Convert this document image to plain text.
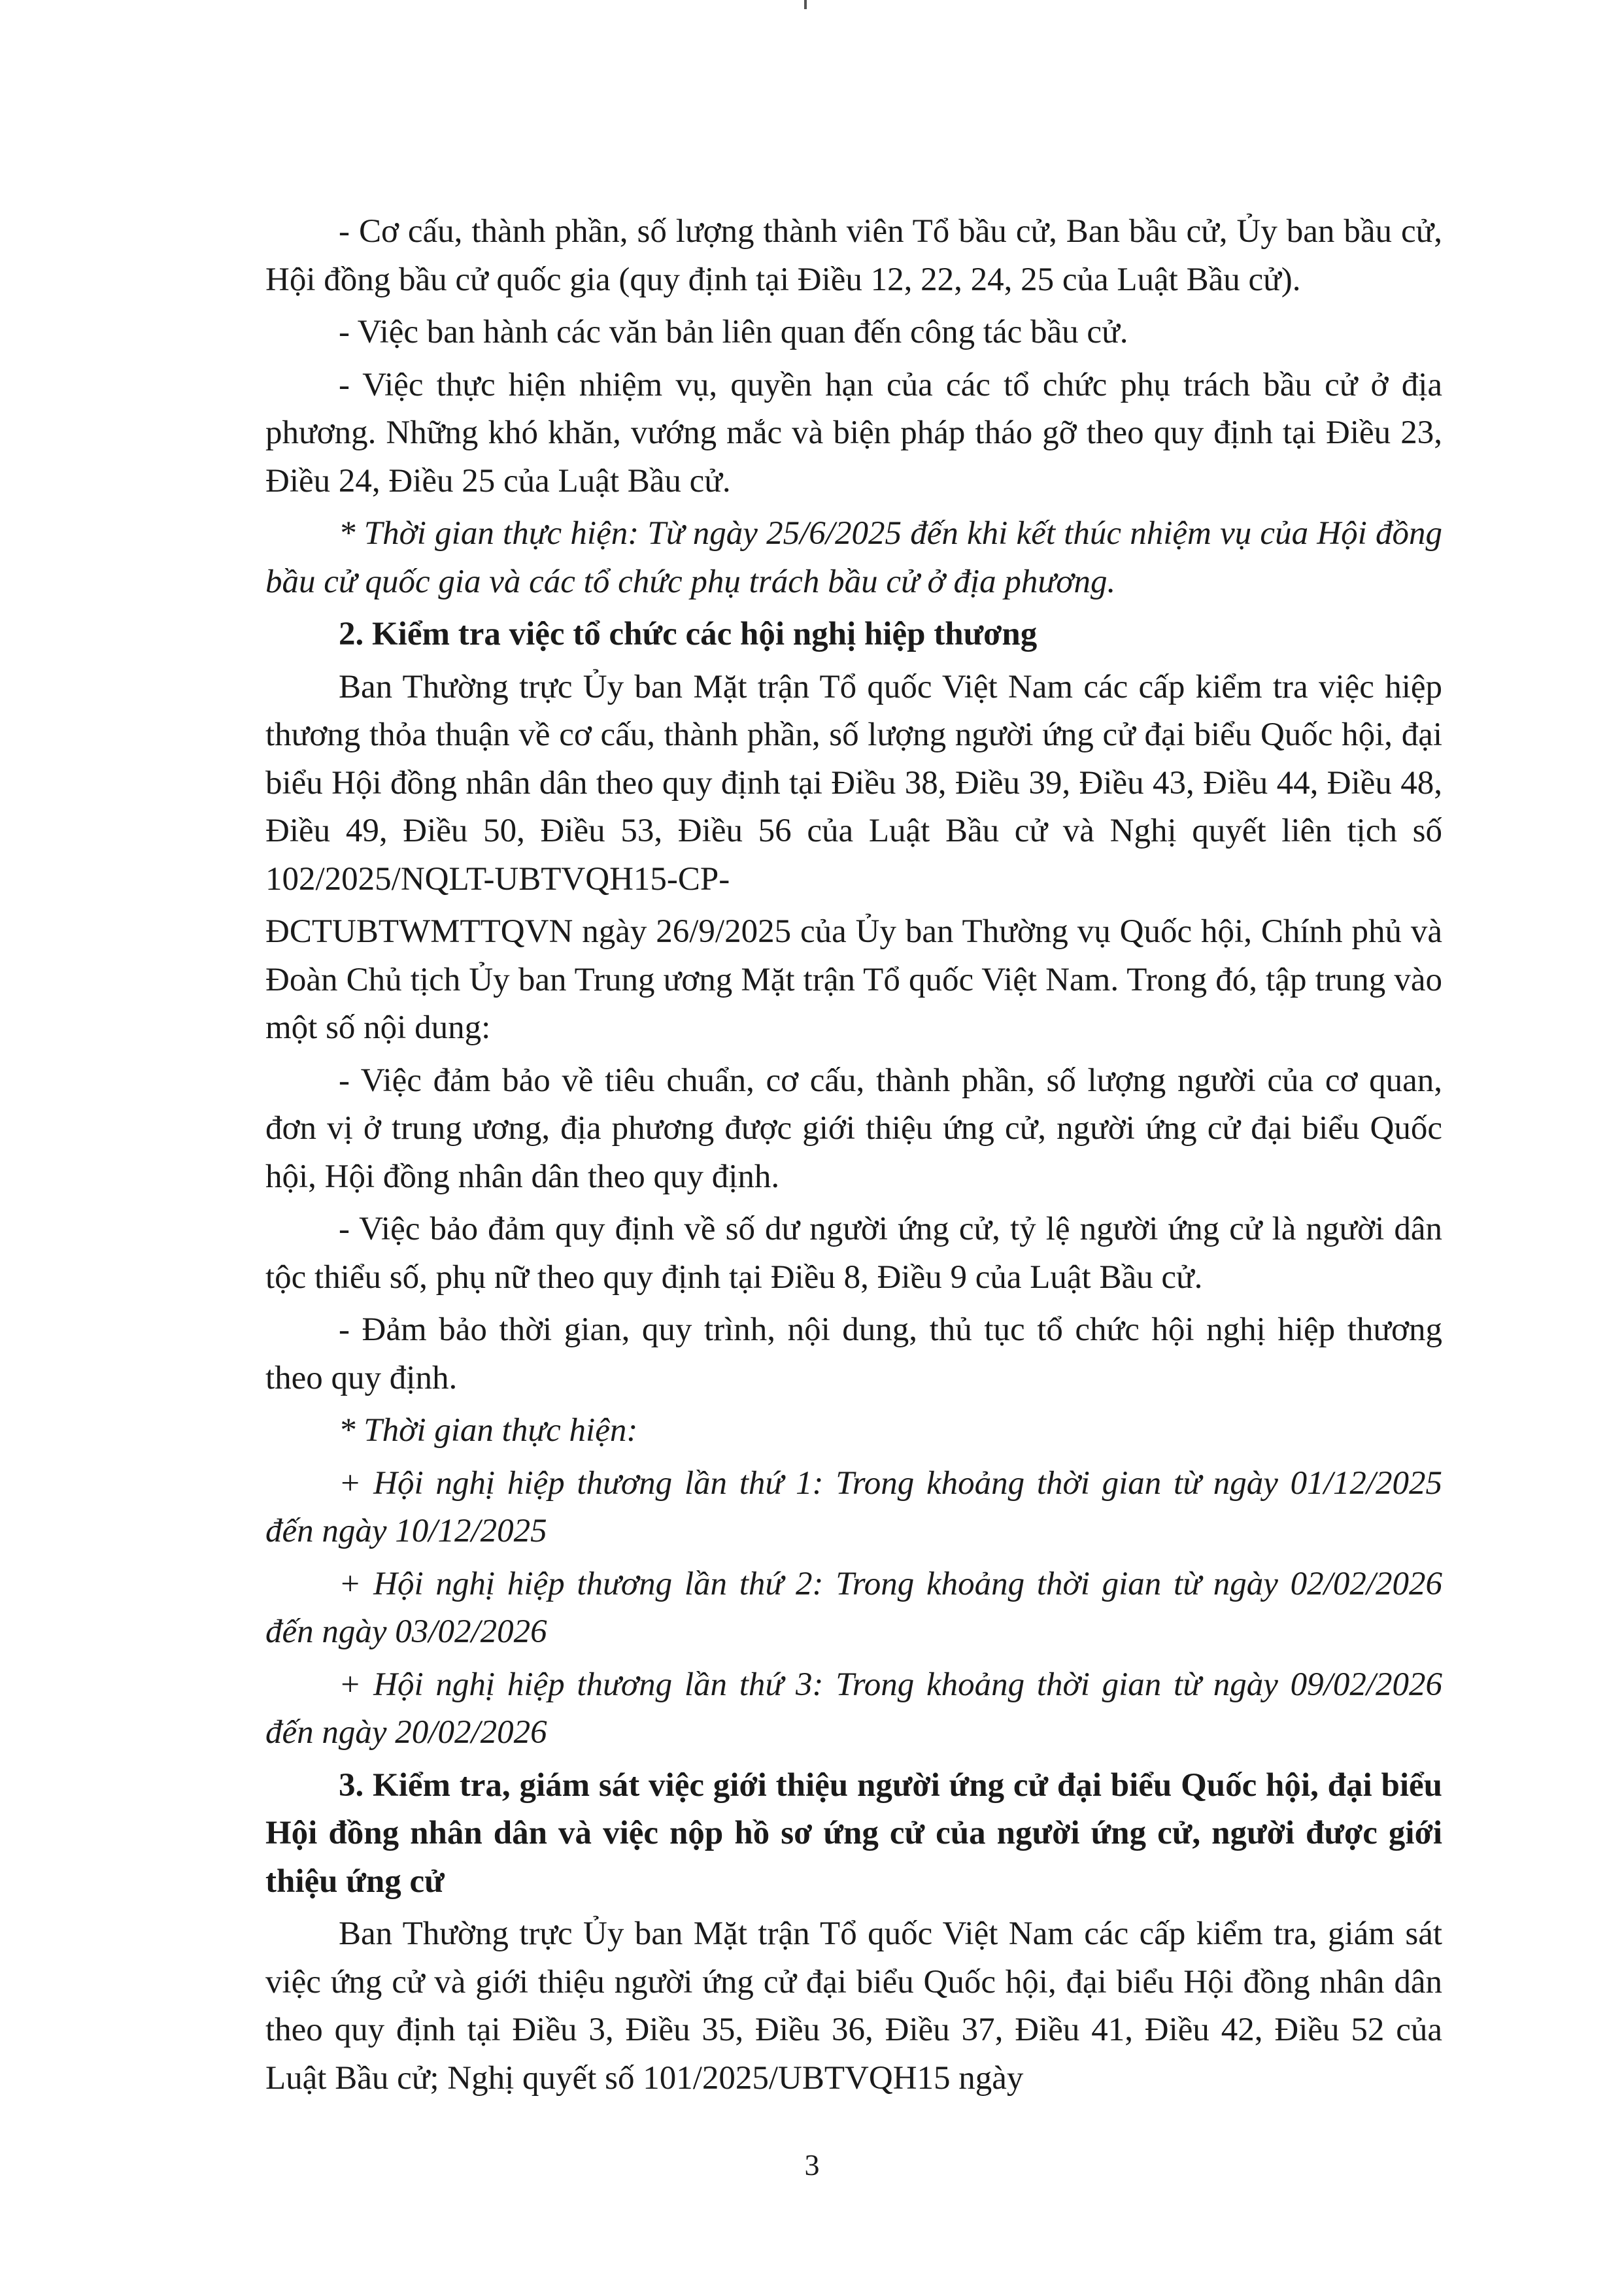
- Cơ cấu, thành phần, số lượng thành viên Tổ bầu cử, Ban bầu cử, Ủy ban bầu cử, Hội đồng bầu cử quốc gia (quy định tại Điều 12, 22, 24, 25 của Luật Bầu cử).

- Việc ban hành các văn bản liên quan đến công tác bầu cử.

- Việc thực hiện nhiệm vụ, quyền hạn của các tổ chức phụ trách bầu cử ở địa phương. Những khó khăn, vướng mắc và biện pháp tháo gỡ theo quy định tại Điều 23, Điều 24, Điều 25 của Luật Bầu cử.

* Thời gian thực hiện: Từ ngày 25/6/2025 đến khi kết thúc nhiệm vụ của Hội đồng bầu cử quốc gia và các tổ chức phụ trách bầu cử ở địa phương.

2. Kiểm tra việc tổ chức các hội nghị hiệp thương

Ban Thường trực Ủy ban Mặt trận Tổ quốc Việt Nam các cấp kiểm tra việc hiệp thương thỏa thuận về cơ cấu, thành phần, số lượng người ứng cử đại biểu Quốc hội, đại biểu Hội đồng nhân dân theo quy định tại Điều 38, Điều 39, Điều 43, Điều 44, Điều 48, Điều 49, Điều 50, Điều 53, Điều 56 của Luật Bầu cử và Nghị quyết liên tịch số 102/2025/NQLT-UBTVQH15-CP-

ĐCTUBTWMTTQVN ngày 26/9/2025 của Ủy ban Thường vụ Quốc hội, Chính phủ và Đoàn Chủ tịch Ủy ban Trung ương Mặt trận Tổ quốc Việt Nam. Trong đó, tập trung vào một số nội dung:

- Việc đảm bảo về tiêu chuẩn, cơ cấu, thành phần, số lượng người của cơ quan, đơn vị ở trung ương, địa phương được giới thiệu ứng cử, người ứng cử đại biểu Quốc hội, Hội đồng nhân dân theo quy định.

- Việc bảo đảm quy định về số dư người ứng cử, tỷ lệ người ứng cử là người dân tộc thiểu số, phụ nữ theo quy định tại Điều 8, Điều 9 của Luật Bầu cử.

- Đảm bảo thời gian, quy trình, nội dung, thủ tục tổ chức hội nghị hiệp thương theo quy định.

* Thời gian thực hiện:

+ Hội nghị hiệp thương lần thứ 1: Trong khoảng thời gian từ ngày 01/12/2025 đến ngày 10/12/2025

+ Hội nghị hiệp thương lần thứ 2: Trong khoảng thời gian từ ngày 02/02/2026 đến ngày 03/02/2026

+ Hội nghị hiệp thương lần thứ 3: Trong khoảng thời gian từ ngày 09/02/2026 đến ngày 20/02/2026

3. Kiểm tra, giám sát việc giới thiệu người ứng cử đại biểu Quốc hội, đại biểu Hội đồng nhân dân và việc nộp hồ sơ ứng cử của người ứng cử, người được giới thiệu ứng cử

Ban Thường trực Ủy ban Mặt trận Tổ quốc Việt Nam các cấp kiểm tra, giám sát việc ứng cử và giới thiệu người ứng cử đại biểu Quốc hội, đại biểu Hội đồng nhân dân theo quy định tại Điều 3, Điều 35, Điều 36, Điều 37, Điều 41, Điều 42, Điều 52 của Luật Bầu cử; Nghị quyết số 101/2025/UBTVQH15 ngày

3
